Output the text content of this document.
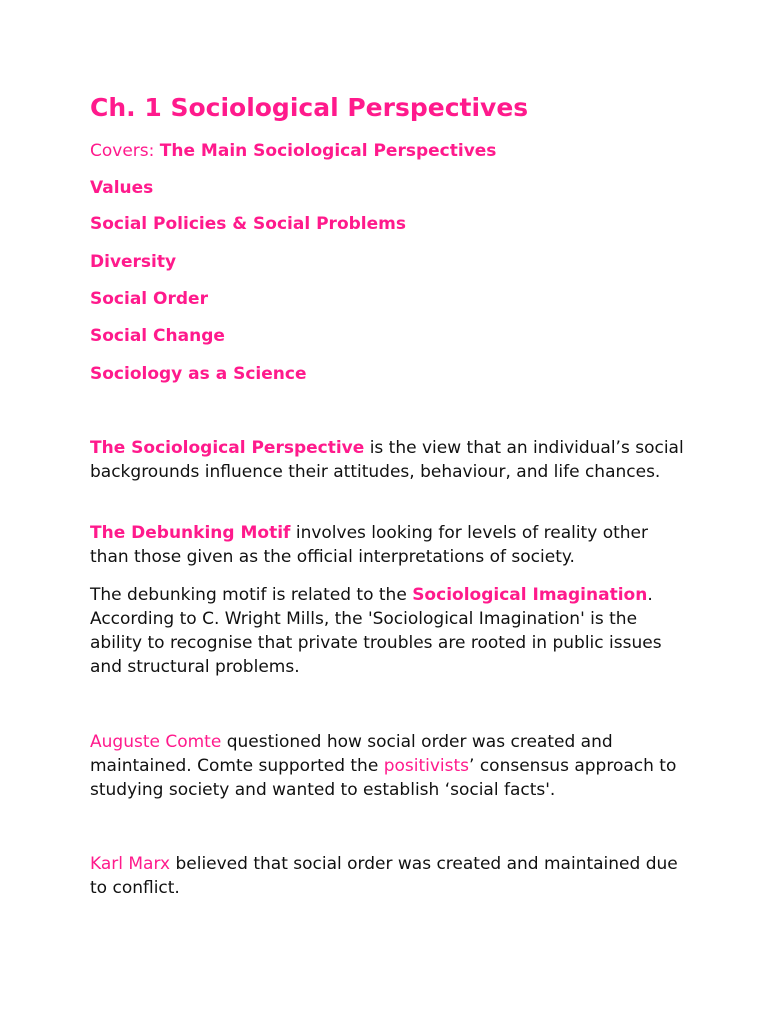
Ch. 1 Sociological Perspectives
Covers: The Main Sociological Perspectives
Values
Social Policies & Social Problems
Diversity
Social Order
Social Change
Sociology as a Science

The Sociological Perspective is the view that an individual’s social backgrounds influence their attitudes, behaviour, and life chances.

The Debunking Motif involves looking for levels of reality other than those given as the official interpretations of society.

The debunking motif is related to the Sociological Imagination. According to C. Wright Mills, the 'Sociological Imagination' is the ability to recognise that private troubles are rooted in public issues and structural problems.

Auguste Comte questioned how social order was created and maintained. Comte supported the positivists’ consensus approach to studying society and wanted to establish ‘social facts'.

Karl Marx believed that social order was created and maintained due to conflict.
